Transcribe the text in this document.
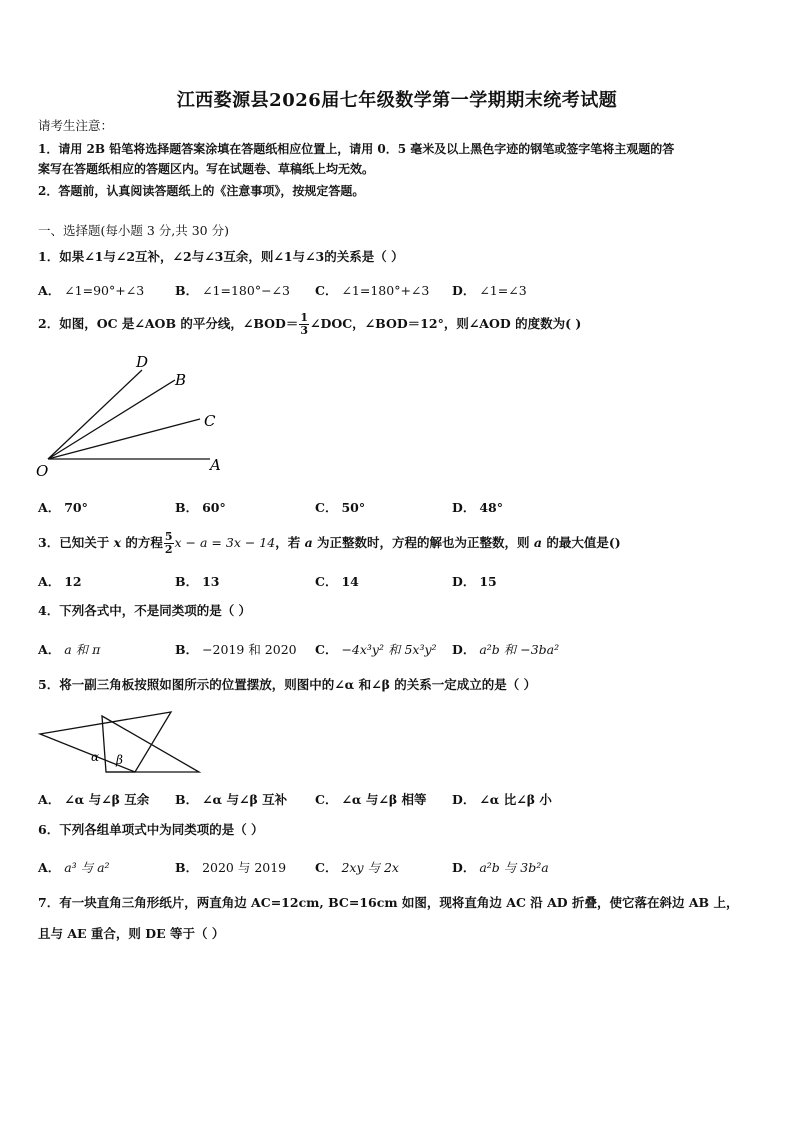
江西婺源县2026届七年级数学第一学期期末统考试题
请考生注意：
1．请用 2B 铅笔将选择题答案涂填在答题纸相应位置上，请用 0．5 毫米及以上黑色字迹的钢笔或签字笔将主观题的答
案写在答题纸相应的答题区内。写在试题卷、草稿纸上均无效。
2．答题前，认真阅读答题纸上的《注意事项》，按规定答题。
一、选择题(每小题 3 分,共 30 分)
1．如果∠1与∠2互补，∠2与∠3互余，则∠1与∠3的关系是（ ）
A． ∠1=90°+∠3 B． ∠1=180°−∠3 C． ∠1=180°+∠3 D． ∠1=∠3
2．如图，OC 是∠AOB 的平分线，∠BOD＝ $\frac{1}{3}$ ∠DOC，∠BOD＝12°，则∠AOD 的度数为( )
O	A
C
B
D
A． 70°	B． 60°	C． 50°	D． 48°
3．已知关于 x 的方程 $\frac{5}{2}$ x − a = 3x − 14，若 a 为正整数时，方程的解也为正整数，则 a 的最大值是()
A． 12	B． 13	C． 14	D． 15
4．下列各式中，不是同类项的是（ ）
A． a 和 π	B． −2019 和 2020 C． −4x³y² 和 5x³y² D． a²b 和 −3ba²
5．将一副三角板按照如图所示的位置摆放，则图中的∠α 和∠β 的关系一定成立的是（ ）
α β
A． ∠α 与∠β 互余 B． ∠α 与∠β 互补 C． ∠α 与∠β 相等 D． ∠α 比∠β 小
6．下列各组单项式中为同类项的是（ ）
A． a³ 与 a²	B． 2020 与 2019 C． 2xy 与 2x	D． a²b 与 3b²a
7．有一块直角三角形纸片，两直角边 AC=12cm, BC=16cm 如图，现将直角边 AC 沿 AD 折叠，使它落在斜边 AB 上，
且与 AE 重合，则 DE 等于（ ）
